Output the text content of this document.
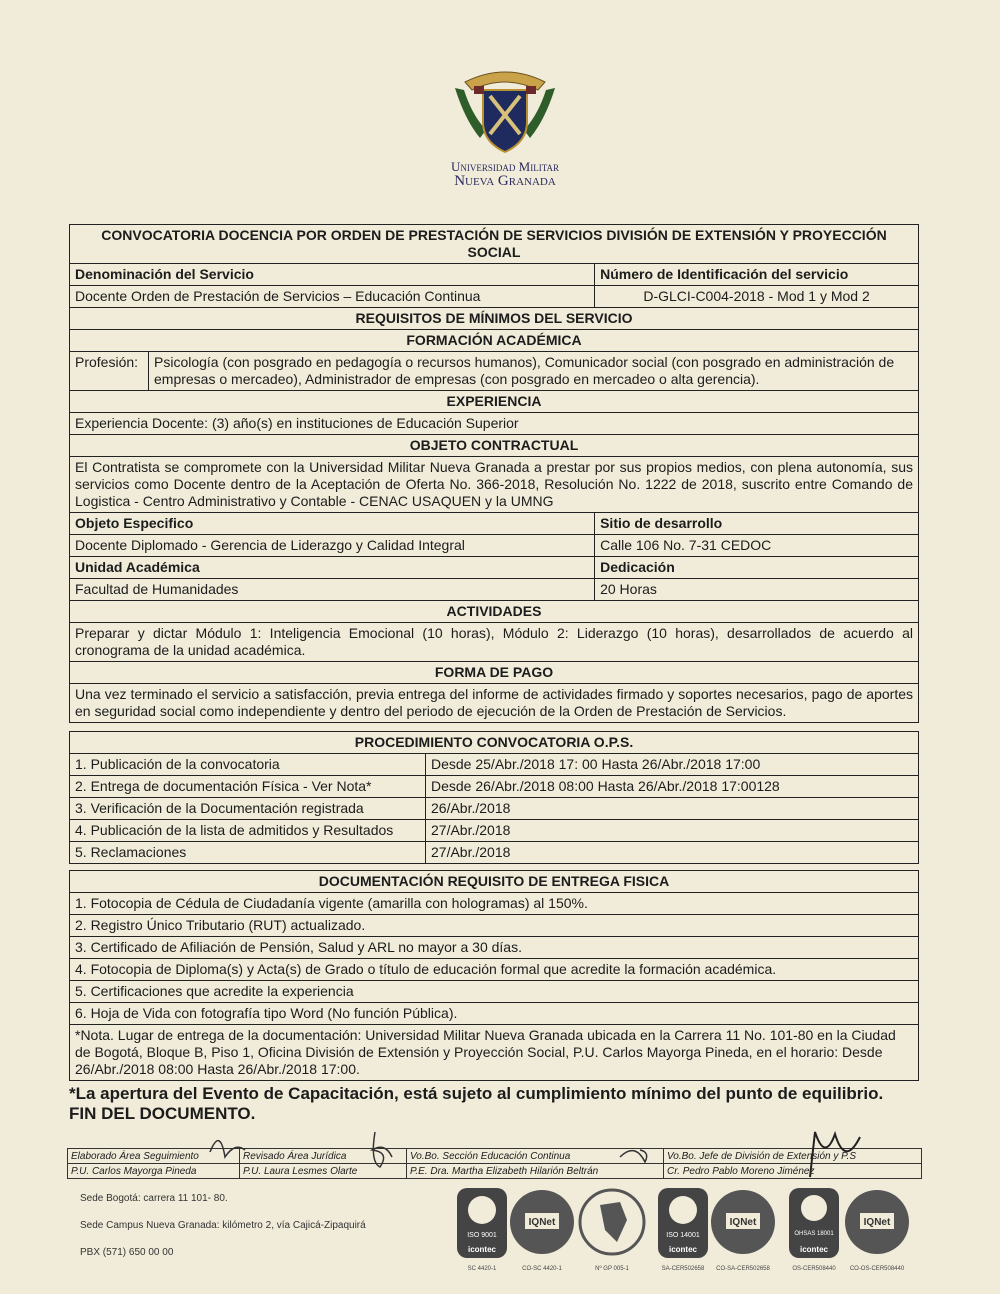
Universidad Militar
Nueva Granada
CONVOCATORIA DOCENCIA POR ORDEN DE PRESTACIÓN DE SERVICIOS DIVISIÓN DE EXTENSIÓN Y PROYECCIÓN SOCIAL		
Denominación del Servicio		Número de Identificación del servicio
Docente Orden de Prestación de Servicios – Educación Continua		D-GLCI-C004-2018 - Mod 1 y Mod 2
REQUISITOS DE MÍNIMOS DEL SERVICIO		
FORMACIÓN ACADÉMICA		
Profesión:	Psicología (con posgrado en pedagogía o recursos humanos), Comunicador social (con posgrado en administración de empresas o mercadeo), Administrador de empresas (con posgrado en mercadeo o alta gerencia).	
EXPERIENCIA		
Experiencia Docente: (3) año(s) en instituciones de Educación Superior		
OBJETO CONTRACTUAL		
El Contratista se compromete con la Universidad Militar Nueva Granada a prestar por sus propios medios, con plena autonomía, sus servicios como Docente dentro de la Aceptación de Oferta No. 366-2018, Resolución No. 1222 de 2018, suscrito entre Comando de Logistica - Centro Administrativo y Contable - CENAC USAQUEN y la UMNG		
Objeto Especifico		Sitio de desarrollo
Docente Diplomado - Gerencia de Liderazgo y Calidad Integral		Calle 106 No. 7-31 CEDOC
Unidad Académica		Dedicación
Facultad de Humanidades		20 Horas
ACTIVIDADES		
Preparar y dictar Módulo 1: Inteligencia Emocional (10 horas), Módulo 2: Liderazgo (10 horas), desarrollados de acuerdo al cronograma de la unidad académica.		
FORMA DE PAGO		
Una vez terminado el servicio a satisfacción, previa entrega del informe de actividades firmado y soportes necesarios, pago de aportes en seguridad social como independiente y dentro del periodo de ejecución de la Orden de Prestación de Servicios.		
PROCEDIMIENTO CONVOCATORIA O.P.S.	
1. Publicación de la convocatoria	Desde 25/Abr./2018 17: 00 Hasta 26/Abr./2018 17:00
2. Entrega de documentación Física - Ver Nota*	Desde 26/Abr./2018 08:00 Hasta 26/Abr./2018 17:00128
3. Verificación de la Documentación registrada	26/Abr./2018
4. Publicación de la lista de admitidos y Resultados	27/Abr./2018
5. Reclamaciones	27/Abr./2018
DOCUMENTACIÓN REQUISITO DE ENTREGA FISICA
1. Fotocopia de Cédula de Ciudadanía vigente (amarilla con hologramas) al 150%.
2. Registro Único Tributario (RUT) actualizado.
3. Certificado de Afiliación de Pensión, Salud y ARL no mayor a 30 días.
4. Fotocopia de Diploma(s) y Acta(s) de Grado o título de educación formal que acredite la formación académica.
5. Certificaciones que acredite la experiencia
6. Hoja de Vida con fotografía tipo Word (No función Pública).
*Nota. Lugar de entrega de la documentación: Universidad Militar Nueva Granada ubicada en la Carrera 11 No. 101-80 en la Ciudad de Bogotá, Bloque B, Piso 1, Oficina División de Extensión y Proyección Social, P.U. Carlos Mayorga Pineda, en el horario: Desde 26/Abr./2018 08:00 Hasta 26/Abr./2018 17:00.
*La apertura del Evento de Capacitación, está sujeto al cumplimiento mínimo del punto de equilibrio.
FIN DEL DOCUMENTO.
Elaborado Área Seguimiento	Revisado Área Jurídica	Vo.Bo. Sección Educación Continua	Vo.Bo. Jefe de División de Extensión y P.S
P.U. Carlos Mayorga Pineda	P.U. Laura Lesmes Olarte	P.E. Dra. Martha Elizabeth Hilarión Beltrán	Cr. Pedro Pablo Moreno Jiménez
Sede Bogotá: carrera 11 101- 80.
Sede Campus Nueva Granada: kilómetro 2, vía Cajicá-Zipaquirá
PBX (571) 650 00 00
ISO 9001
icontec
SC 4420-1
IQNet
CO-SC 4420-1	Nº GP 005-1
ISO 14001
icontec
SA-CER502658
IQNet
CO-SA-CER502658
OHSAS 18001
icontec
OS-CER508440
IQNet
CO-OS-CER508440
